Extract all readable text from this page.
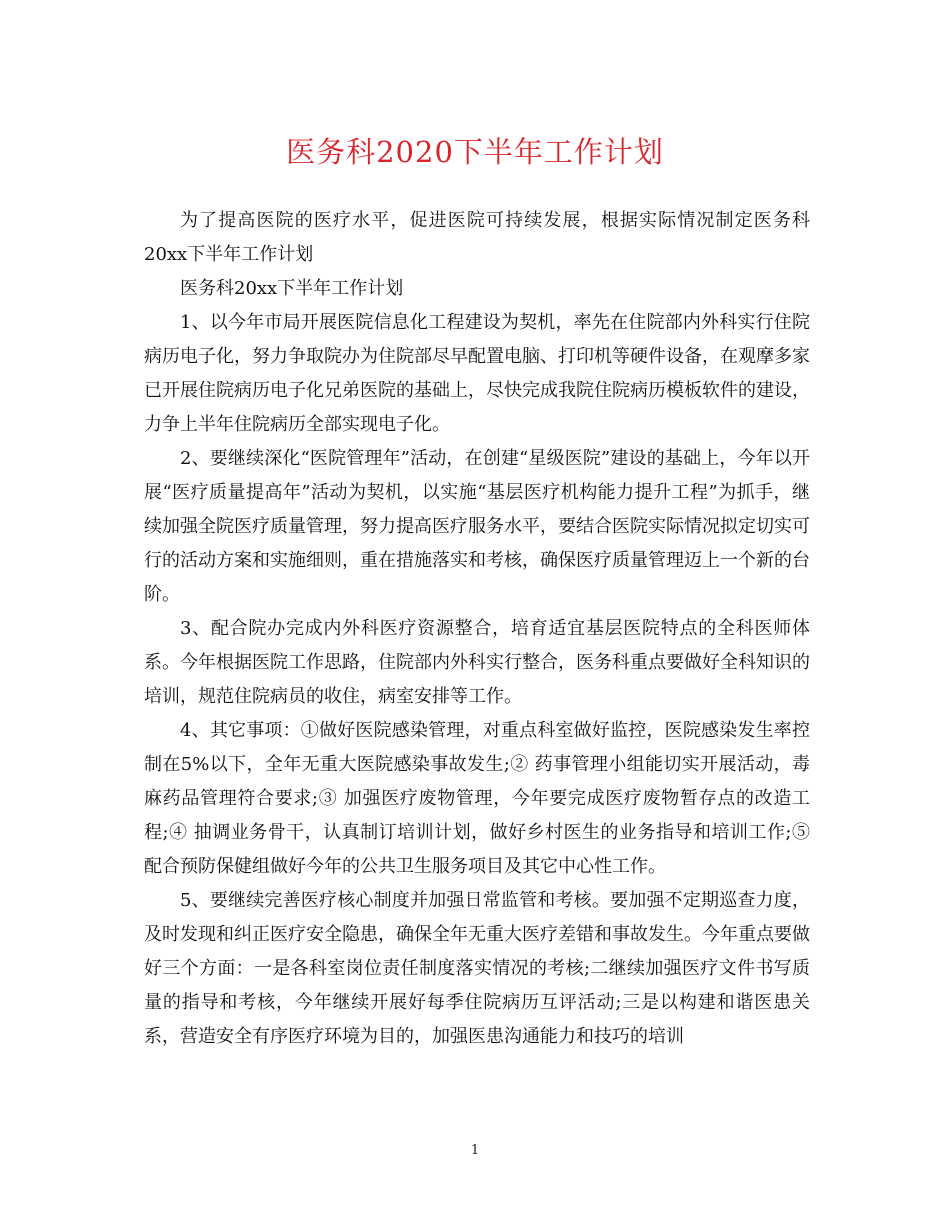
医务科2020下半年工作计划

为了提高医院的医疗水平，促进医院可持续发展，根据实际情况制定医务科20xx下半年工作计划

医务科20xx下半年工作计划

1、以今年市局开展医院信息化工程建设为契机，率先在住院部内外科实行住院病历电子化，努力争取院办为住院部尽早配置电脑、打印机等硬件设备，在观摩多家已开展住院病历电子化兄弟医院的基础上，尽快完成我院住院病历模板软件的建设，力争上半年住院病历全部实现电子化。

2、要继续深化“医院管理年”活动，在创建“星级医院”建设的基础上，今年以开展“医疗质量提高年”活动为契机，以实施“基层医疗机构能力提升工程”为抓手，继续加强全院医疗质量管理，努力提高医疗服务水平，要结合医院实际情况拟定切实可行的活动方案和实施细则，重在措施落实和考核，确保医疗质量管理迈上一个新的台阶。

3、配合院办完成内外科医疗资源整合，培育适宜基层医院特点的全科医师体系。今年根据医院工作思路，住院部内外科实行整合，医务科重点要做好全科知识的培训，规范住院病员的收住，病室安排等工作。

4、其它事项：①做好医院感染管理，对重点科室做好监控，医院感染发生率控制在5%以下，全年无重大医院感染事故发生;② 药事管理小组能切实开展活动，毒麻药品管理符合要求;③ 加强医疗废物管理，今年要完成医疗废物暂存点的改造工程;④ 抽调业务骨干，认真制订培训计划，做好乡村医生的业务指导和培训工作;⑤ 配合预防保健组做好今年的公共卫生服务项目及其它中心性工作。

5、要继续完善医疗核心制度并加强日常监管和考核。要加强不定期巡查力度，及时发现和纠正医疗安全隐患，确保全年无重大医疗差错和事故发生。今年重点要做好三个方面：一是各科室岗位责任制度落实情况的考核;二继续加强医疗文件书写质量的指导和考核，今年继续开展好每季住院病历互评活动;三是以构建和谐医患关系，营造安全有序医疗环境为目的，加强医患沟通能力和技巧的培训

1
